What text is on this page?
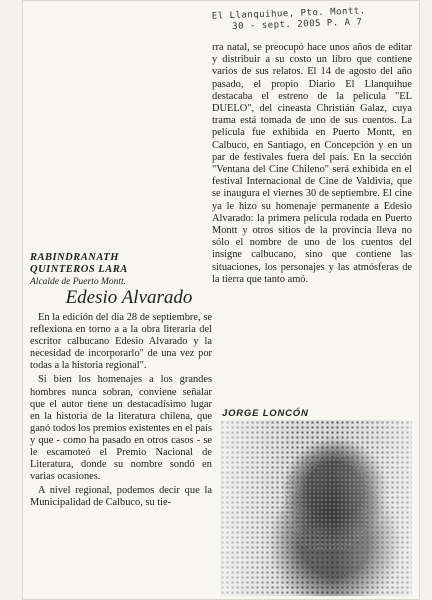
El Llanquihue, Pto. Montt.
30 - sept. 2005 P. A 7

rra natal, se preocupó hace unos años de editar y distribuir a su costo un libro que contiene varios de sus relatos. El 14 de agosto del año pasado, el propio Diario El Llanquihue destacaba el estreno de la película "EL DUELO", del cineasta Christián Galaz, cuya trama está tomada de uno de sus cuentos. La película fue exhibida en Puerto Montt, en Calbuco, en Santiago, en Concepción y en un par de festivales fuera del país. En la sección "Ventana del Cine Chileno" será exhibida en el festival Internacional de Cine de Valdivia, que se inaugura el viernes 30 de septiembre. El cine ya le hizo su homenaje permanente a Edesio Alvarado: la primera película rodada en Puerto Montt y otros sitios de la provincia lleva no sólo el nombre de uno de los cuentos del insigne calbucano, sino que contiene las situaciones, los personajes y las atmósferas de la tierra que tanto amó.

RABINDRANATH
QUINTEROS LARA
Alcalde de Puerto Montt.
Edesio Alvarado

En la edición del día 28 de septiembre, se reflexiona en torno a a la obra literaria del escritor calbucano Edesio Alvarado y la necesidad de incorporarlo" de una vez por todas a la historia regional".

Si bien los homenajes a los grandes hombres nunca sobran, conviene señalar que el autor tiene un destacadísimo lugar en la historia de la literatura chilena, que ganó todos los premios existentes en el país y que - como ha pasado en otros casos - se le escamoteó el Premio Nacional de Literatura, donde su nombre sondó en varias ocasiones.

A nivel regional, podemos decir que la Municipalidad de Calbuco, su tie-

JORGE LONCÓN
